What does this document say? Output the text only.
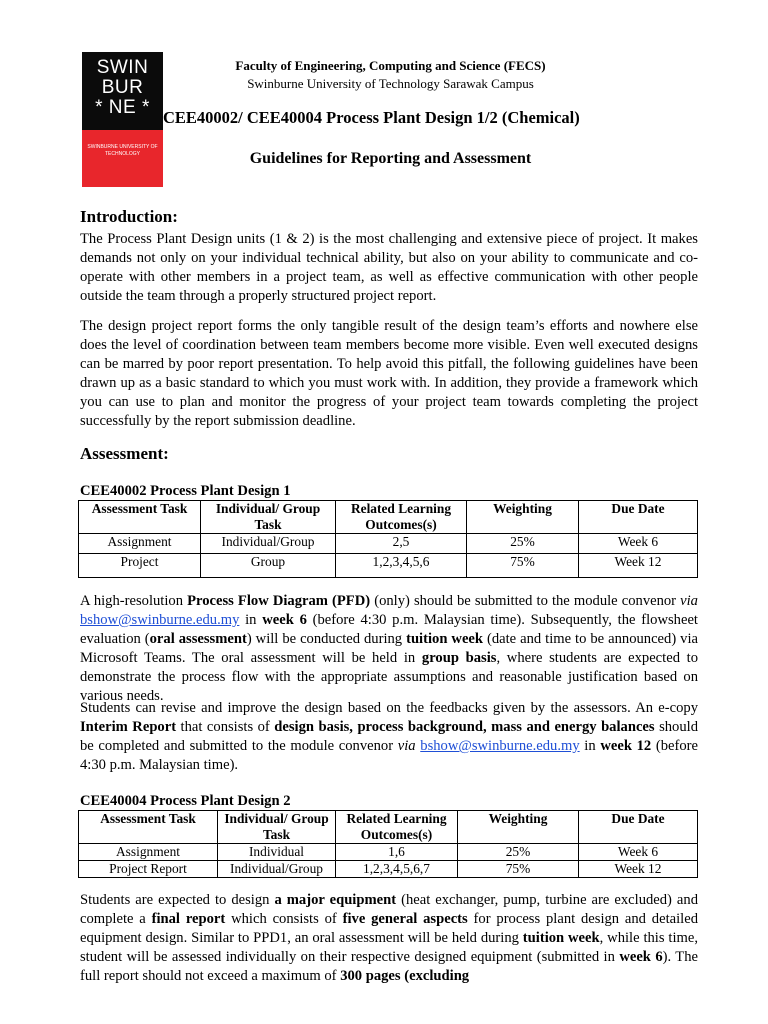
SWIN
BUR
* NE *
SWINBURNE UNIVERSITY OF TECHNOLOGY
Faculty of Engineering, Computing and Science (FECS)
Swinburne University of Technology Sarawak Campus
CEE40002/ CEE40004 Process Plant Design 1/2 (Chemical)
Guidelines for Reporting and Assessment
Introduction:

The Process Plant Design units (1 & 2) is the most challenging and extensive piece of project. It makes demands not only on your individual technical ability, but also on your ability to communicate and co-operate with other members in a project team, as well as effective communication with other people outside the team through a properly structured project report.

The design project report forms the only tangible result of the design team’s efforts and nowhere else does the level of coordination between team members become more visible. Even well executed designs can be marred by poor report presentation. To help avoid this pitfall, the following guidelines have been drawn up as a basic standard to which you must work with. In addition, they provide a framework which you can use to plan and monitor the progress of your project team towards completing the project successfully by the report submission deadline.

Assessment:
CEE40002 Process Plant Design 1
Assessment Task	Individual/ Group Task	Related Learning Outcomes(s)	Weighting	Due Date
Assignment	Individual/Group	2,5	25%	Week 6
Project	Group	1,2,3,4,5,6	75%	Week 12

A high-resolution Process Flow Diagram (PFD) (only) should be submitted to the module convenor via bshow@swinburne.edu.my in week 6 (before 4:30 p.m. Malaysian time). Subsequently, the flowsheet evaluation (oral assessment) will be conducted during tuition week (date and time to be announced) via Microsoft Teams. The oral assessment will be held in group basis, where students are expected to demonstrate the process flow with the appropriate assumptions and reasonable justification based on various needs.

Students can revise and improve the design based on the feedbacks given by the assessors. An e-copy Interim Report that consists of design basis, process background, mass and energy balances should be completed and submitted to the module convenor via bshow@swinburne.edu.my in week 12 (before 4:30 p.m. Malaysian time).

CEE40004 Process Plant Design 2
Assessment Task	Individual/ Group Task	Related Learning Outcomes(s)	Weighting	Due Date
Assignment	Individual	1,6	25%	Week 6
Project Report	Individual/Group	1,2,3,4,5,6,7	75%	Week 12

Students are expected to design a major equipment (heat exchanger, pump, turbine are excluded) and complete a final report which consists of five general aspects for process plant design and detailed equipment design. Similar to PPD1, an oral assessment will be held during tuition week, while this time, student will be assessed individually on their respective designed equipment (submitted in week 6). The full report should not exceed a maximum of 300 pages (excluding
